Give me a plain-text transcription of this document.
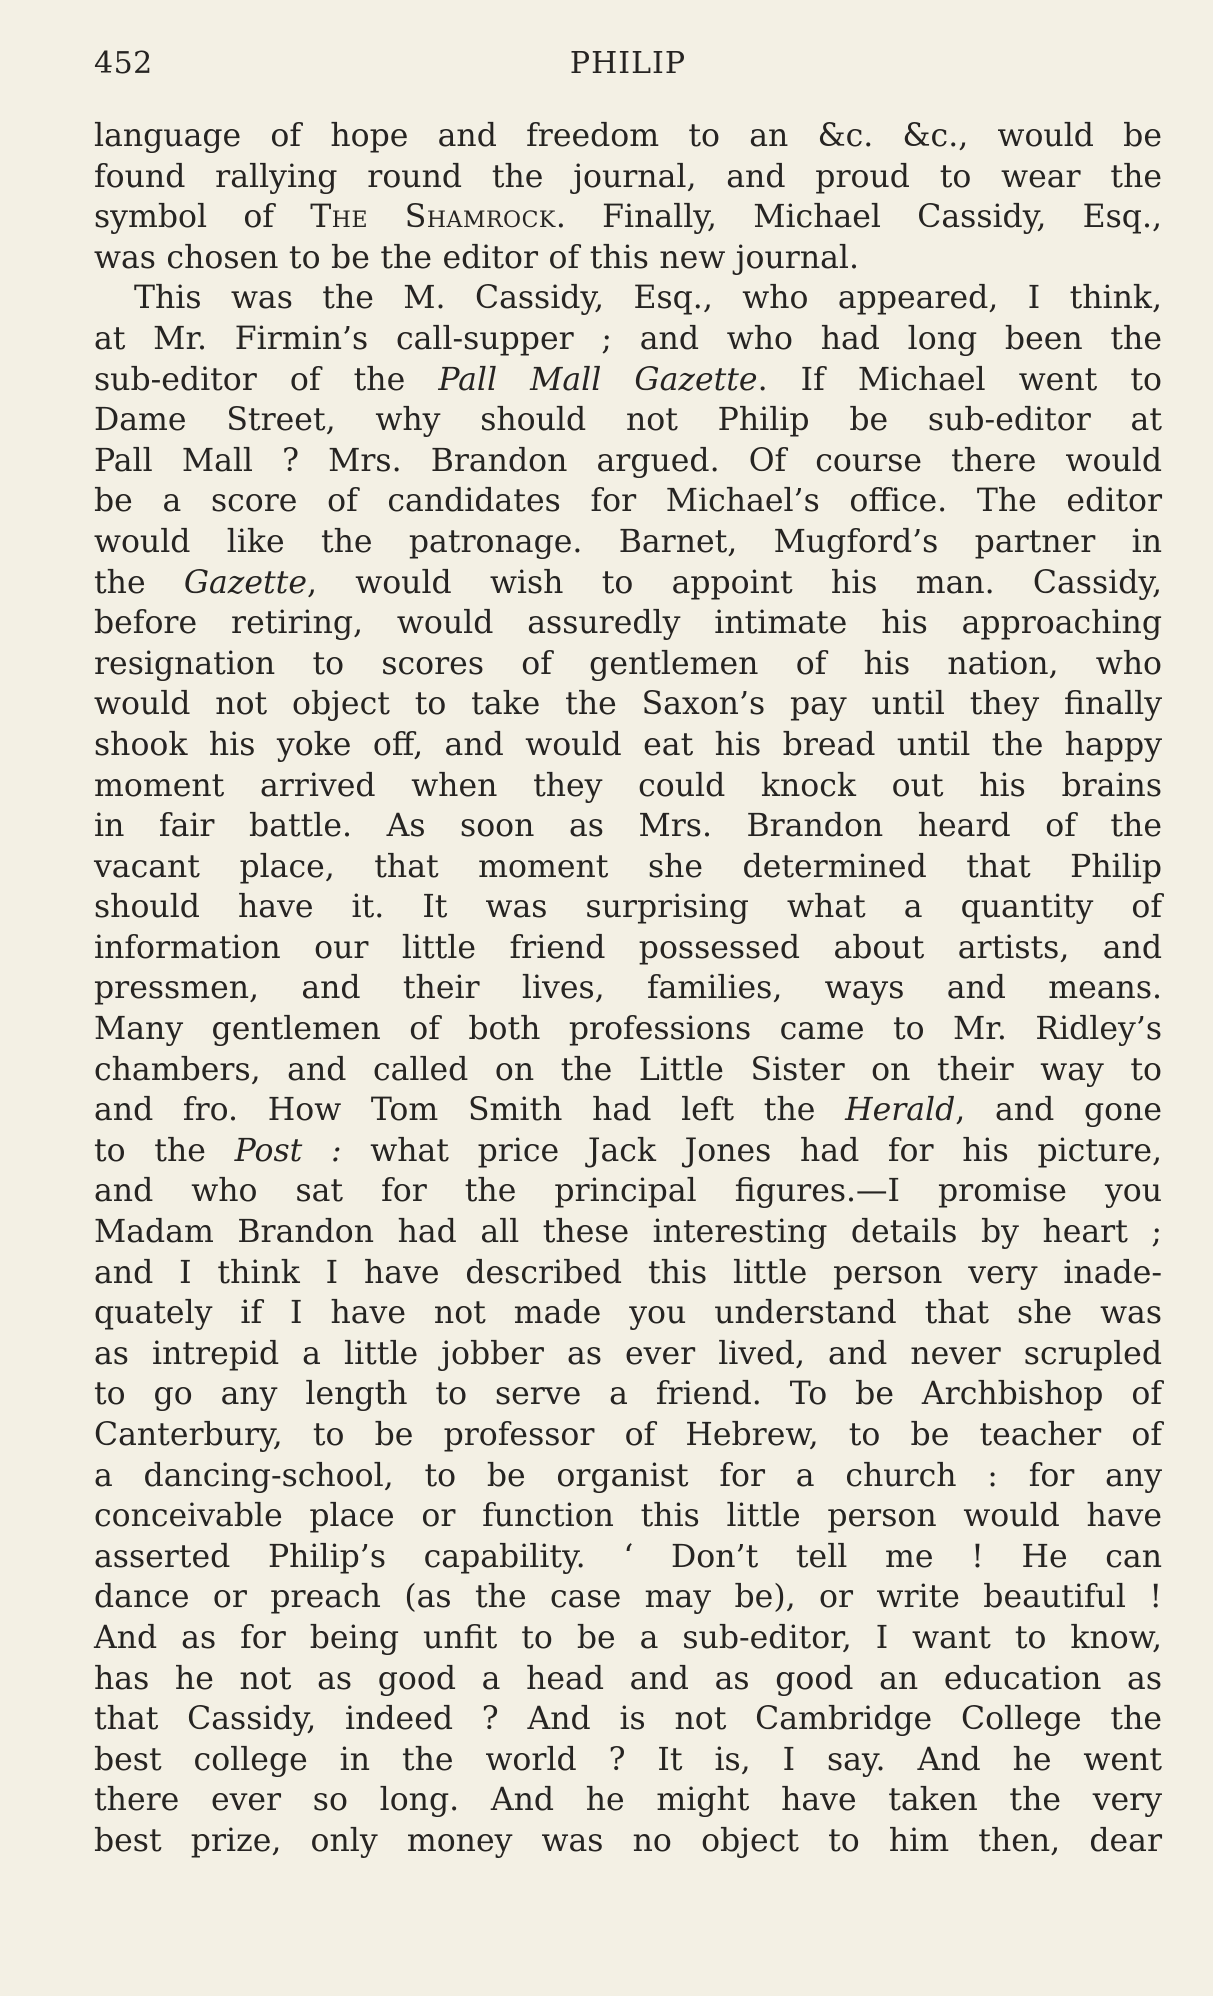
452	PHILIP
language of hope and freedom to an &c. &c., would be
found rallying round the journal, and proud to wear the
symbol of The Shamrock. Finally, Michael Cassidy, Esq.,
was chosen to be the editor of this new journal.
This was the M. Cassidy, Esq., who appeared, I think,
at Mr. Firmin’s call-supper ; and who had long been the
sub-editor of the Pall Mall Gazette. If Michael went to
Dame Street, why should not Philip be sub-editor at
Pall Mall ? Mrs. Brandon argued. Of course there would
be a score of candidates for Michael’s office. The editor
would like the patronage. Barnet, Mugford’s partner in
the Gazette, would wish to appoint his man. Cassidy,
before retiring, would assuredly intimate his approaching
resignation to scores of gentlemen of his nation, who
would not object to take the Saxon’s pay until they finally
shook his yoke off, and would eat his bread until the happy
moment arrived when they could knock out his brains
in fair battle. As soon as Mrs. Brandon heard of the
vacant place, that moment she determined that Philip
should have it. It was surprising what a quantity of
information our little friend possessed about artists, and
pressmen, and their lives, families, ways and means.
Many gentlemen of both professions came to Mr. Ridley’s
chambers, and called on the Little Sister on their way to
and fro. How Tom Smith had left the Herald, and gone
to the Post : what price Jack Jones had for his picture,
and who sat for the principal figures.—I promise you
Madam Brandon had all these interesting details by heart ;
and I think I have described this little person very inade-
quately if I have not made you understand that she was
as intrepid a little jobber as ever lived, and never scrupled
to go any length to serve a friend. To be Archbishop of
Canterbury, to be professor of Hebrew, to be teacher of
a dancing-school, to be organist for a church : for any
conceivable place or function this little person would have
asserted Philip’s capability. ‘ Don’t tell me ! He can
dance or preach (as the case may be), or write beautiful !
And as for being unfit to be a sub-editor, I want to know,
has he not as good a head and as good an education as
that Cassidy, indeed ? And is not Cambridge College the
best college in the world ? It is, I say. And he went
there ever so long. And he might have taken the very
best prize, only money was no object to him then, dear
